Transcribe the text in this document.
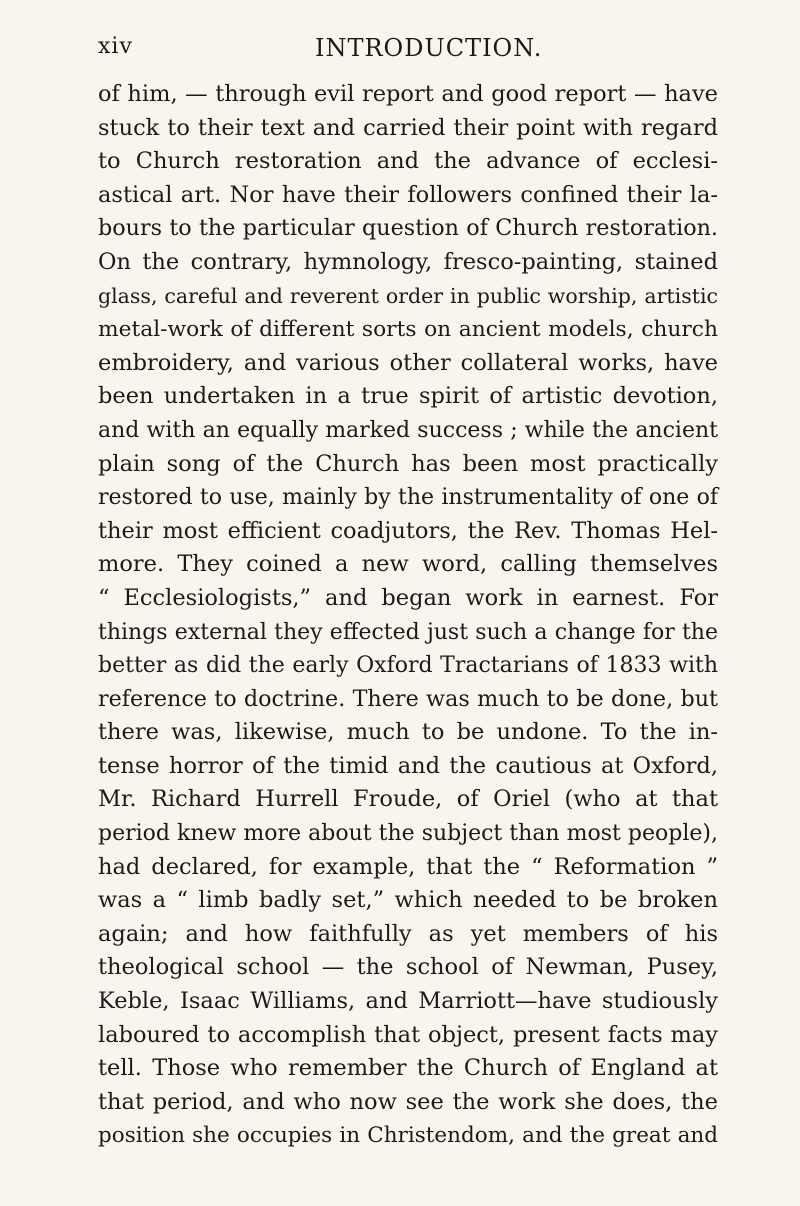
xiv	INTRODUCTION.
of him, — through evil report and good report — have
stuck to their text and carried their point with regard
to Church restoration and the advance of ecclesi-
astical art. Nor have their followers confined their la-
bours to the particular question of Church restoration.
On the contrary, hymnology, fresco-painting, stained
glass, careful and reverent order in public worship, artistic
metal-work of different sorts on ancient models, church
embroidery, and various other collateral works, have
been undertaken in a true spirit of artistic devotion,
and with an equally marked success ; while the ancient
plain song of the Church has been most practically
restored to use, mainly by the instrumentality of one of
their most efficient coadjutors, the Rev. Thomas Hel-
more. They coined a new word, calling themselves
“ Ecclesiologists,” and began work in earnest. For
things external they effected just such a change for the
better as did the early Oxford Tractarians of 1833 with
reference to doctrine. There was much to be done, but
there was, likewise, much to be undone. To the in-
tense horror of the timid and the cautious at Oxford,
Mr. Richard Hurrell Froude, of Oriel (who at that
period knew more about the subject than most people),
had declared, for example, that the “ Reformation ”
was a “ limb badly set,” which needed to be broken
again; and how faithfully as yet members of his
theological school — the school of Newman, Pusey,
Keble, Isaac Williams, and Marriott—have studiously
laboured to accomplish that object, present facts may
tell. Those who remember the Church of England at
that period, and who now see the work she does, the
position she occupies in Christendom, and the great and
